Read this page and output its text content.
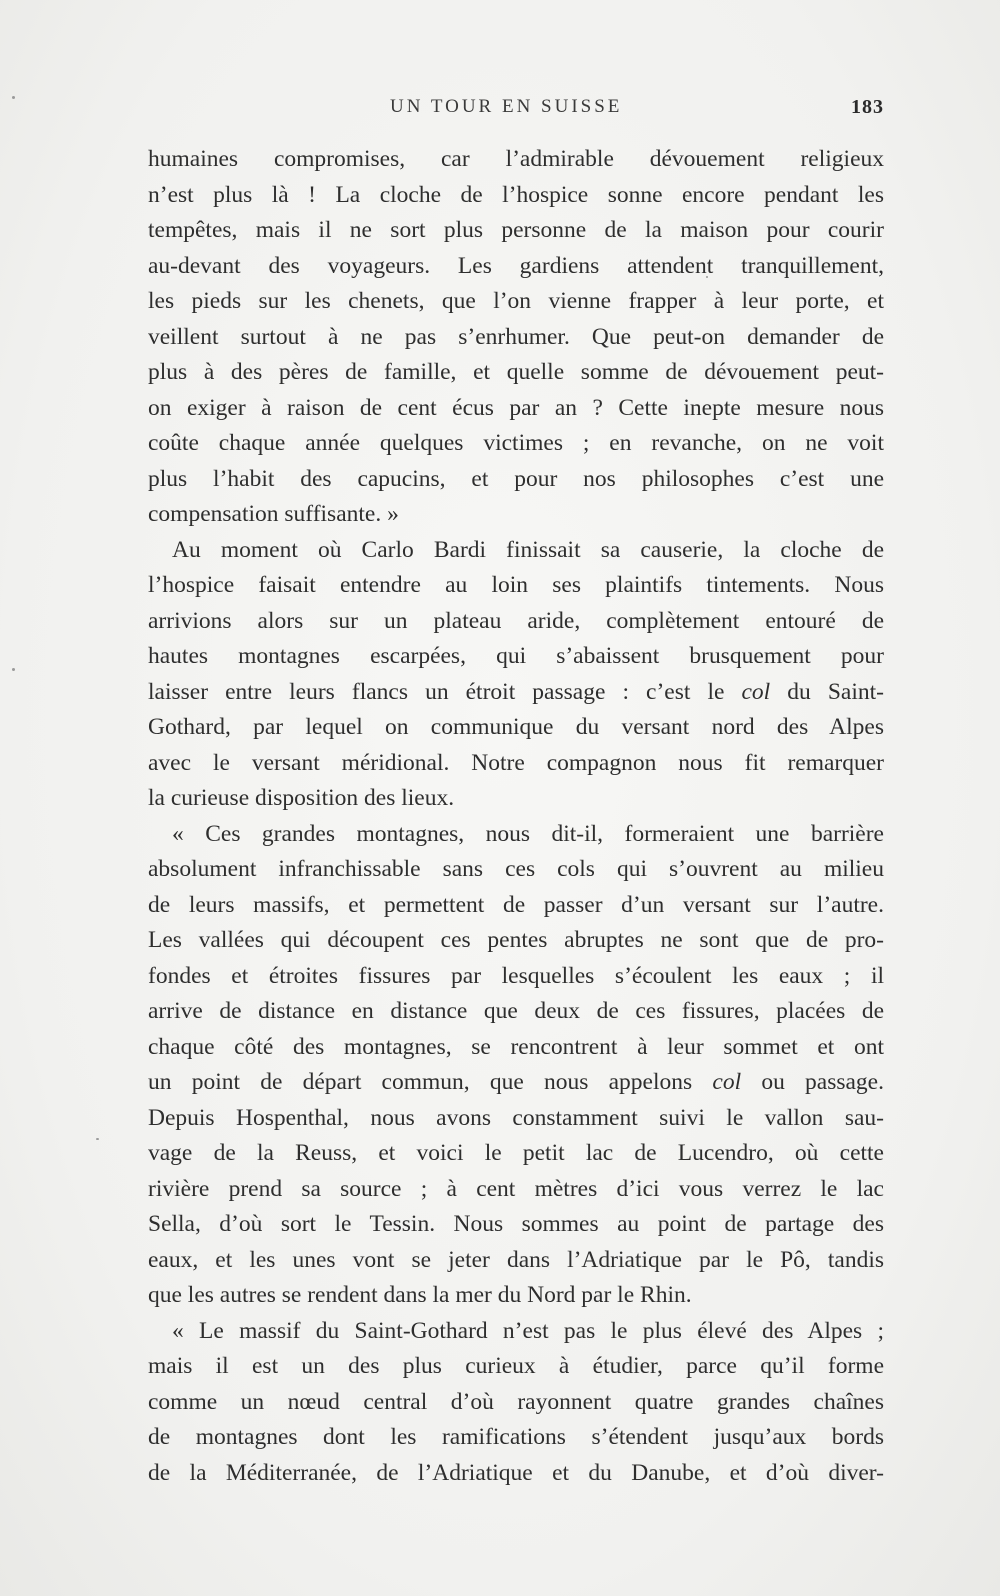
UN TOUR EN SUISSE	183
humaines compromises, car l’admirable dévouement religieux
n’est plus là ! La cloche de l’hospice sonne encore pendant les
tempêtes, mais il ne sort plus personne de la maison pour courir
au-devant des voyageurs. Les gardiens attendent tranquillement,
les pieds sur les chenets, que l’on vienne frapper à leur porte, et
veillent surtout à ne pas s’enrhumer. Que peut-on demander de
plus à des pères de famille, et quelle somme de dévouement peut-
on exiger à raison de cent écus par an ? Cette inepte mesure nous
coûte chaque année quelques victimes ; en revanche, on ne voit
plus l’habit des capucins, et pour nos philosophes c’est une
compensation suffisante. »
Au moment où Carlo Bardi finissait sa causerie, la cloche de
l’hospice faisait entendre au loin ses plaintifs tintements. Nous
arrivions alors sur un plateau aride, complètement entouré de
hautes montagnes escarpées, qui s’abaissent brusquement pour
laisser entre leurs flancs un étroit passage : c’est le col du Saint-
Gothard, par lequel on communique du versant nord des Alpes
avec le versant méridional. Notre compagnon nous fit remarquer
la curieuse disposition des lieux.
« Ces grandes montagnes, nous dit-il, formeraient une barrière
absolument infranchissable sans ces cols qui s’ouvrent au milieu
de leurs massifs, et permettent de passer d’un versant sur l’autre.
Les vallées qui découpent ces pentes abruptes ne sont que de pro-
fondes et étroites fissures par lesquelles s’écoulent les eaux ; il
arrive de distance en distance que deux de ces fissures, placées de
chaque côté des montagnes, se rencontrent à leur sommet et ont
un point de départ commun, que nous appelons col ou passage.
Depuis Hospenthal, nous avons constamment suivi le vallon sau-
vage de la Reuss, et voici le petit lac de Lucendro, où cette
rivière prend sa source ; à cent mètres d’ici vous verrez le lac
Sella, d’où sort le Tessin. Nous sommes au point de partage des
eaux, et les unes vont se jeter dans l’Adriatique par le Pô, tandis
que les autres se rendent dans la mer du Nord par le Rhin.
« Le massif du Saint-Gothard n’est pas le plus élevé des Alpes ;
mais il est un des plus curieux à étudier, parce qu’il forme
comme un nœud central d’où rayonnent quatre grandes chaînes
de montagnes dont les ramifications s’étendent jusqu’aux bords
de la Méditerranée, de l’Adriatique et du Danube, et d’où diver-
